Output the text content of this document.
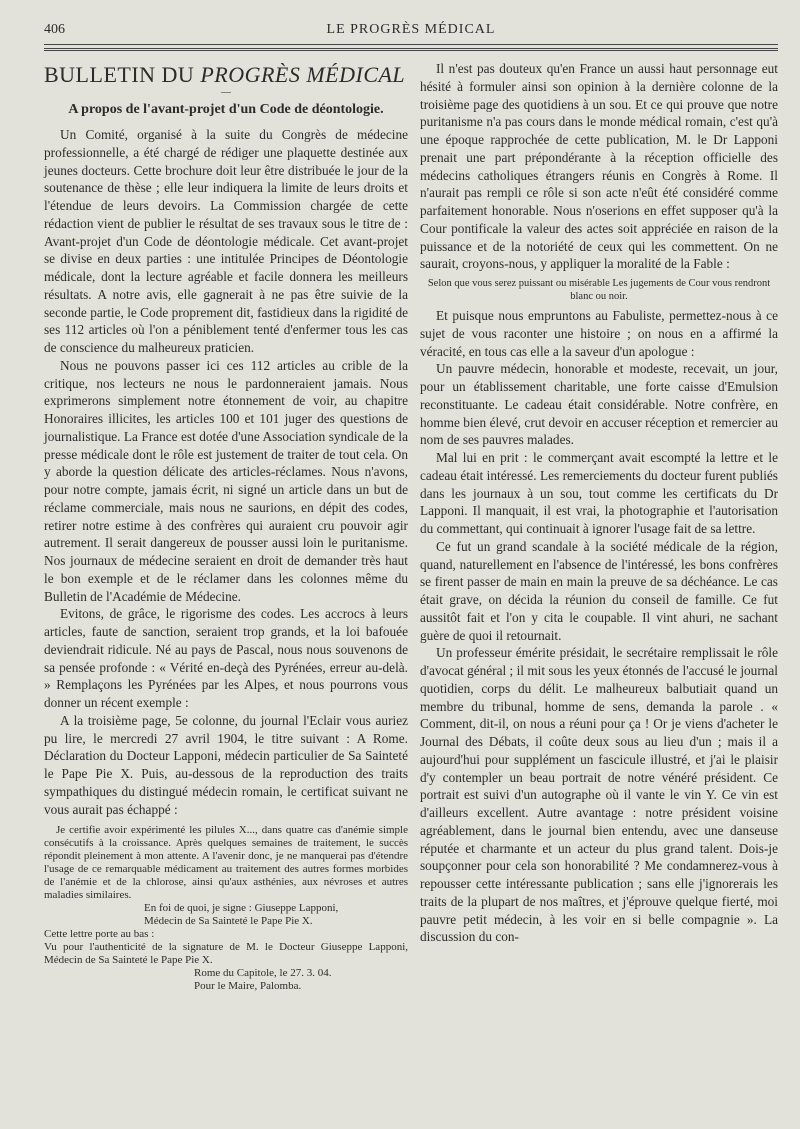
406	LE PROGRÈS MÉDICAL

BULLETIN DU PROGRÈS MÉDICAL

—

A propos de l'avant-projet d'un Code de déontologie.

Un Comité, organisé à la suite du Congrès de médecine professionnelle, a été chargé de rédiger une plaquette destinée aux jeunes docteurs. Cette brochure doit leur être distribuée le jour de la soutenance de thèse ; elle leur indiquera la limite de leurs droits et l'étendue de leurs devoirs. La Commission chargée de cette rédaction vient de publier le résultat de ses travaux sous le titre de : Avant-projet d'un Code de déontologie médicale. Cet avant-projet se divise en deux parties : une intitulée Principes de Déontologie médicale, dont la lecture agréable et facile donnera les meilleurs résultats. A notre avis, elle gagnerait à ne pas être suivie de la seconde partie, le Code proprement dit, fastidieux dans la rigidité de ses 112 articles où l'on a péniblement tenté d'enfermer tous les cas de conscience du malheureux praticien.

Nous ne pouvons passer ici ces 112 articles au crible de la critique, nos lecteurs ne nous le pardonneraient jamais. Nous exprimerons simplement notre étonnement de voir, au chapitre Honoraires illicites, les articles 100 et 101 juger des questions de journalistique. La France est dotée d'une Association syndicale de la presse médicale dont le rôle est justement de traiter de tout cela. On y aborde la question délicate des articles-réclames. Nous n'avons, pour notre compte, jamais écrit, ni signé un article dans un but de réclame commerciale, mais nous ne saurions, en dépit des codes, retirer notre estime à des confrères qui auraient cru pouvoir agir autrement. Il serait dangereux de pousser aussi loin le puritanisme. Nos journaux de médecine seraient en droit de demander très haut le bon exemple et de le réclamer dans les colonnes même du Bulletin de l'Académie de Médecine.

Evitons, de grâce, le rigorisme des codes. Les accrocs à leurs articles, faute de sanction, seraient trop grands, et la loi bafouée deviendrait ridicule. Né au pays de Pascal, nous nous souvenons de sa pensée profonde : « Vérité en-deçà des Pyrénées, erreur au-delà. » Remplaçons les Pyrénées par les Alpes, et nous pourrons vous donner un récent exemple :

A la troisième page, 5e colonne, du journal l'Eclair vous auriez pu lire, le mercredi 27 avril 1904, le titre suivant : A Rome. Déclaration du Docteur Lapponi, médecin particulier de Sa Sainteté le Pape Pie X. Puis, au-dessous de la reproduction des traits sympathiques du distingué médecin romain, le certificat suivant ne vous aurait pas échappé :

Je certifie avoir expérimenté les pilules X..., dans quatre cas d'anémie simple consécutifs à la croissance. Après quelques semaines de traitement, le succès répondit pleinement à mon attente. A l'avenir donc, je ne manquerai pas d'étendre l'usage de ce remarquable médicament au traitement des autres formes morbides de l'anémie et de la chlorose, ainsi qu'aux asthénies, aux névroses et autres maladies similaires.

En foi de quoi, je signe : Giuseppe Lapponi,

Médecin de Sa Sainteté le Pape Pie X.

Cette lettre porte au bas :

Vu pour l'authenticité de la signature de M. le Docteur Giuseppe Lapponi, Médecin de Sa Sainteté le Pape Pie X.

Rome du Capitole, le 27. 3. 04.

Pour le Maire, Palomba.

Il n'est pas douteux qu'en France un aussi haut personnage eut hésité à formuler ainsi son opinion à la dernière colonne de la troisième page des quotidiens à un sou. Et ce qui prouve que notre puritanisme n'a pas cours dans le monde médical romain, c'est qu'à une époque rapprochée de cette publication, M. le Dr Lapponi prenait une part prépondérante à la réception officielle des médecins catholiques étrangers réunis en Congrès à Rome. Il n'aurait pas rempli ce rôle si son acte n'eût été considéré comme parfaitement honorable. Nous n'oserions en effet supposer qu'à la Cour pontificale la valeur des actes soit appréciée en raison de la puissance et de la notoriété de ceux qui les commettent. On ne saurait, croyons-nous, y appliquer la moralité de la Fable :

Selon que vous serez puissant ou misérable Les jugements de Cour vous rendront blanc ou noir.

Et puisque nous empruntons au Fabuliste, permettez-nous à ce sujet de vous raconter une histoire ; on nous en a affirmé la véracité, en tous cas elle a la saveur d'un apologue :

Un pauvre médecin, honorable et modeste, recevait, un jour, pour un établissement charitable, une forte caisse d'Emulsion reconstituante. Le cadeau était considérable. Notre confrère, en homme bien élevé, crut devoir en accuser réception et remercier au nom de ses pauvres malades.

Mal lui en prit : le commerçant avait escompté la lettre et le cadeau était intéressé. Les remerciements du docteur furent publiés dans les journaux à un sou, tout comme les certificats du Dr Lapponi. Il manquait, il est vrai, la photographie et l'autorisation du commettant, qui continuait à ignorer l'usage fait de sa lettre.

Ce fut un grand scandale à la société médicale de la région, quand, naturellement en l'absence de l'intéressé, les bons confrères se firent passer de main en main la preuve de sa déchéance. Le cas était grave, on décida la réunion du conseil de famille. Ce fut aussitôt fait et l'on y cita le coupable. Il vint ahuri, ne sachant guère de quoi il retournait.

Un professeur émérite présidait, le secrétaire remplissait le rôle d'avocat général ; il mit sous les yeux étonnés de l'accusé le journal quotidien, corps du délit. Le malheureux balbutiait quand un membre du tribunal, homme de sens, demanda la parole . « Comment, dit-il, on nous a réuni pour ça ! Or je viens d'acheter le Journal des Débats, il coûte deux sous au lieu d'un ; mais il a aujourd'hui pour supplément un fascicule illustré, et j'ai le plaisir d'y contempler un beau portrait de notre vénéré président. Ce portrait est suivi d'un autographe où il vante le vin Y. Ce vin est d'ailleurs excellent. Autre avantage : notre président voisine agréablement, dans le journal bien entendu, avec une danseuse réputée et charmante et un acteur du plus grand talent. Dois-je soupçonner pour cela son honorabilité ? Me condamnerez-vous à repousser cette intéressante publication ; sans elle j'ignorerais les traits de la plupart de nos maîtres, et j'éprouve quelque fierté, moi pauvre petit médecin, à les voir en si belle compagnie ». La discussion du con-
